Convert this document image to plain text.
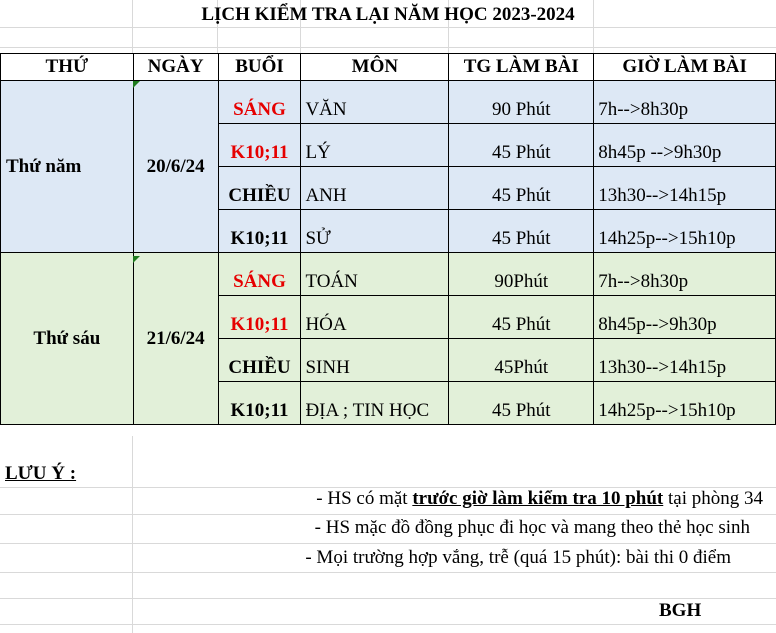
LỊCH KIỂM TRA LẠI NĂM HỌC 2023-2024
THỨ	NGÀY	BUỔI	MÔN	TG LÀM BÀI	GIỜ LÀM BÀI
Thứ năm	20/6/24	SÁNG	VĂN	90 Phút	7h-->8h30p
		K10;11	LÝ	45 Phút	8h45p -->9h30p
		CHIỀU	ANH	45 Phút	13h30-->14h15p
		K10;11	SỬ	45 Phút	14h25p-->15h10p
Thứ sáu	21/6/24	SÁNG	TOÁN	90Phút	7h-->8h30p
		K10;11	HÓA	45 Phút	8h45p-->9h30p
		CHIỀU	SINH	45Phút	13h30-->14h15p
		K10;11	ĐỊA ; TIN HỌC	45 Phút	14h25p-->15h10p
LƯU Ý :
- HS có mặt trước giờ làm kiểm tra 10 phút tại phòng 34
- HS mặc đồ đồng phục đi học và mang theo thẻ học sinh
- Mọi trường hợp vắng, trễ (quá 15 phút): bài thi 0 điểm
BGH
